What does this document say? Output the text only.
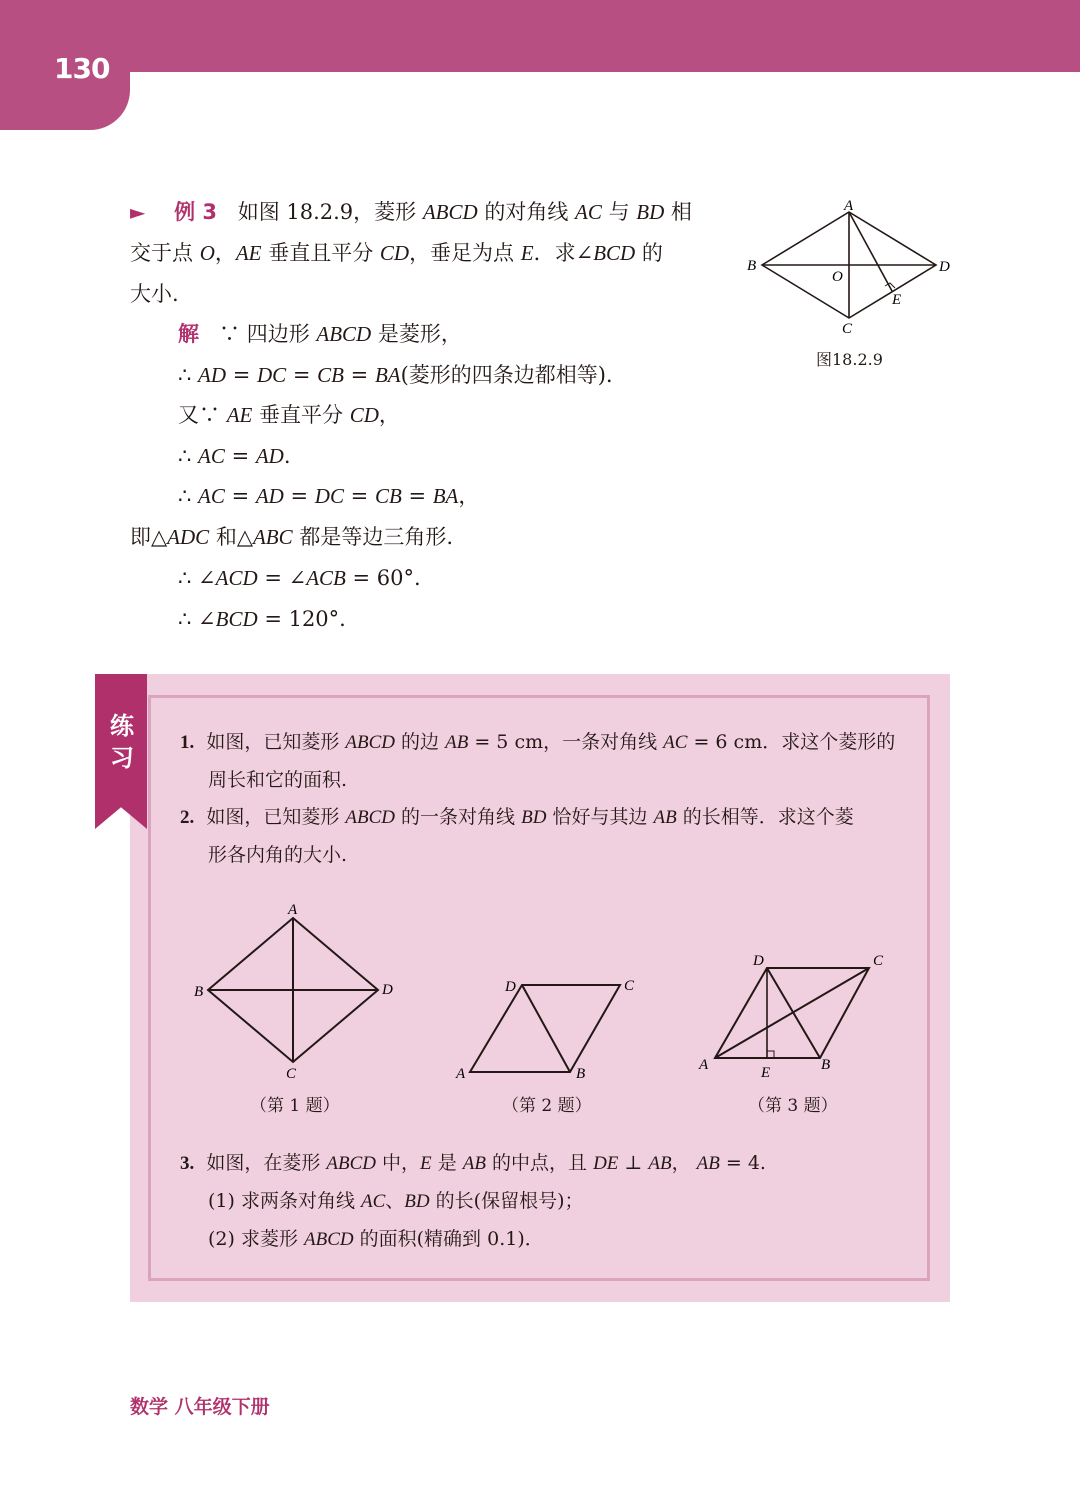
130
► 例 3 如图 18.2.9，菱形 ABCD 的对角线 AC 与 BD 相
交于点 O，AE 垂直且平分 CD，垂足为点 E．求∠BCD 的
大小.
解 ∵ 四边形 ABCD 是菱形，
∴ AD = DC = CB = BA(菱形的四条边都相等)．
又∵ AE 垂直平分 CD，
∴ AC = AD.
∴ AC = AD = DC = CB = BA，
即△ADC 和△ABC 都是等边三角形.
∴ ∠ACD = ∠ACB = 60°.
∴ ∠BCD = 120°.
A
B
C
D
O
E
图18.2.9
练
习
1. 如图，已知菱形 ABCD 的边 AB = 5 cm，一条对角线 AC = 6 cm．求这个菱形的
周长和它的面积.
2. 如图，已知菱形 ABCD 的一条对角线 BD 恰好与其边 AB 的长相等．求这个菱
形各内角的大小.
A
B
C
D
（第 1 题）
A	B
C
D
（第 2 题）
A	B
C
D
E
（第 3 题）
3. 如图，在菱形 ABCD 中，E 是 AB 的中点，且 DE ⊥ AB， AB = 4.
(1) 求两条对角线 AC、BD 的长(保留根号)；
(2) 求菱形 ABCD 的面积(精确到 0.1)．
数学 八年级下册
